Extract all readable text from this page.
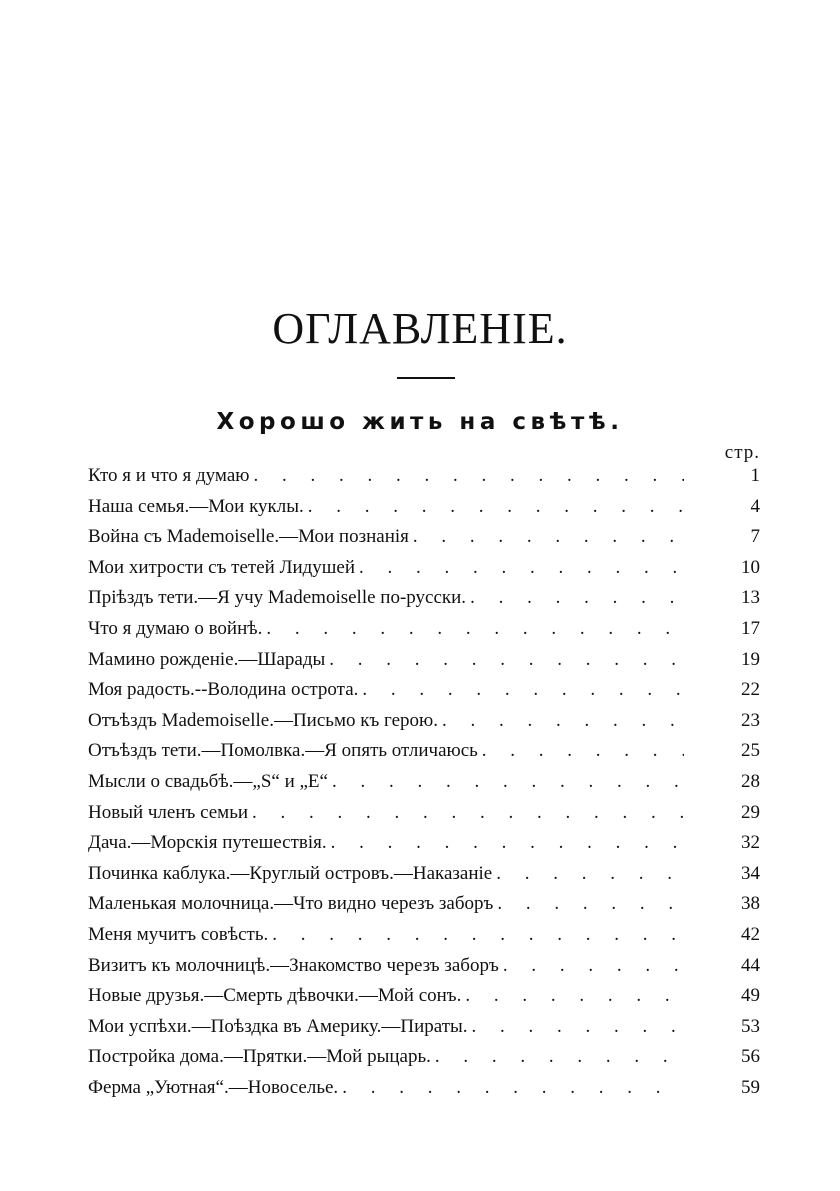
ОГЛАВЛЕНІЕ.
Хорошо жить на свѣтѣ.
стр.
Кто я и что я думаю . . .	1
Наша семья.—Мои куклы. . . .	4
Война съ Mademoiselle.—Мои познанія . . .	7
Мои хитрости съ тетей Лидушей . . .	10
Пріѣздъ тети.—Я учу Mademoiselle по-русски. . . .	13
Что я думаю о войнѣ. . . .	17
Мамино рожденіе.—Шарады . . .	19
Моя радость.--Володина острота. . . .	22
Отъѣздъ Mademoiselle.—Письмо къ герою. . . .	23
Отъѣздъ тети.—Помолвка.—Я опять отличаюсь . . .	25
Мысли о свадьбѣ.—„S“ и „E“ . . .	28
Новый членъ семьи . . .	29
Дача.—Морскія путешествія. . . .	32
Починка каблука.—Круглый островъ.—Наказаніе . . .	34
Маленькая молочница.—Что видно черезъ заборъ . . .	38
Меня мучитъ совѣсть. . . .	42
Визитъ къ молочницѣ.—Знакомство черезъ заборъ . . .	44
Новые друзья.—Смерть дѣвочки.—Мой сонъ. . . .	49
Мои успѣхи.—Поѣздка въ Америку.—Пираты. . . .	53
Постройка дома.—Прятки.—Мой рыцарь. . . .	56
Ферма „Уютная“.—Новоселье. . . .	59
